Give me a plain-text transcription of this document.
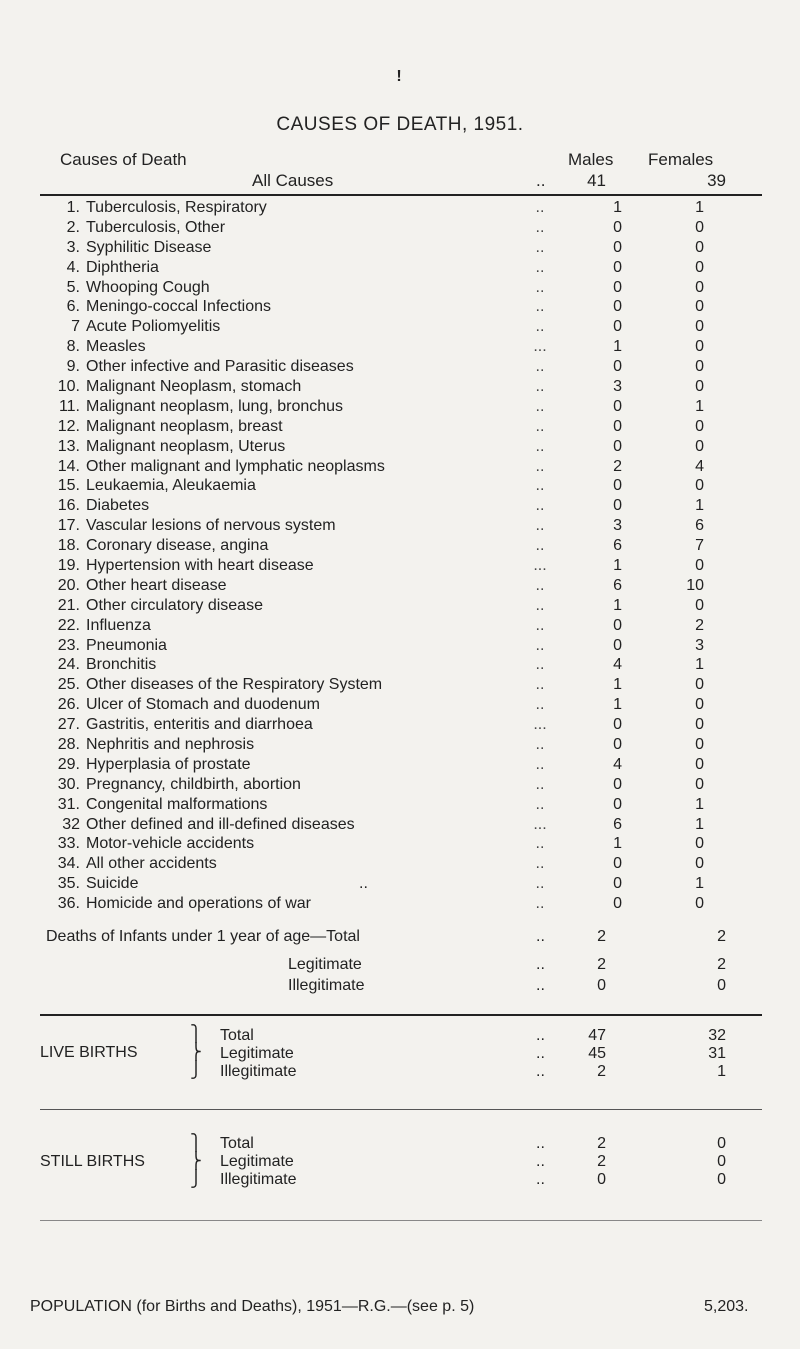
!
CAUSES OF DEATH, 1951.
Causes of Death	Males Females
All Causes	..	41	39
1.	Tuberculosis, Respiratory	..	1	1
2.	Tuberculosis, Other	..	0	0
3.	Syphilitic Disease	..	0	0
4.	Diphtheria	..	0	0
5.	Whooping Cough	..	0	0
6.	Meningo-coccal Infections	..	0	0
7	Acute Poliomyelitis	..	0	0
8.	Measles	...	1	0
9.	Other infective and Parasitic diseases	..	0	0
10.	Malignant Neoplasm, stomach	..	3	0
11.	Malignant neoplasm, lung, bronchus	..	0	1
12.	Malignant neoplasm, breast	..	0	0
13.	Malignant neoplasm, Uterus	..	0	0
14.	Other malignant and lymphatic neoplasms	..	2	4
15.	Leukaemia, Aleukaemia	..	0	0
16.	Diabetes	..	0	1
17.	Vascular lesions of nervous system	..	3	6
18.	Coronary disease, angina	..	6	7
19.	Hypertension with heart disease	...	1	0
20.	Other heart disease	..	6	10
21.	Other circulatory disease	..	1	0
22.	Influenza	..	0	2
23.	Pneumonia	..	0	3
24.	Bronchitis	..	4	1
25.	Other diseases of the Respiratory System	..	1	0
26.	Ulcer of Stomach and duodenum	..	1	0
27.	Gastritis, enteritis and diarrhoea	...	0	0
28.	Nephritis and nephrosis	..	0	0
29.	Hyperplasia of prostate	..	4	0
30.	Pregnancy, childbirth, abortion	..	0	0
31.	Congenital malformations	..	0	1
32	Other defined and ill-defined diseases	...	6	1
33.	Motor-vehicle accidents	..	1	0
34.	All other accidents	..	0	0
35.	Suicide ..	..	0	1
36.	Homicide and operations of war	..	0	0
Deaths of Infants under 1 year of age—Total	..	2	2
Legitimate	..	2	2
Illegitimate	..	0	0
LIVE BIRTHS
⎫
⎬
⎭
Total	..	47	32
Legitimate	..	45	31
Illegitimate	..	2	1
STILL BIRTHS
⎫
⎬
⎭
Total	..	2	0
Legitimate	..	2	0
Illegitimate	..	0	0
POPULATION (for Births and Deaths), 1951—R.G.—(see p. 5)	5,203.
